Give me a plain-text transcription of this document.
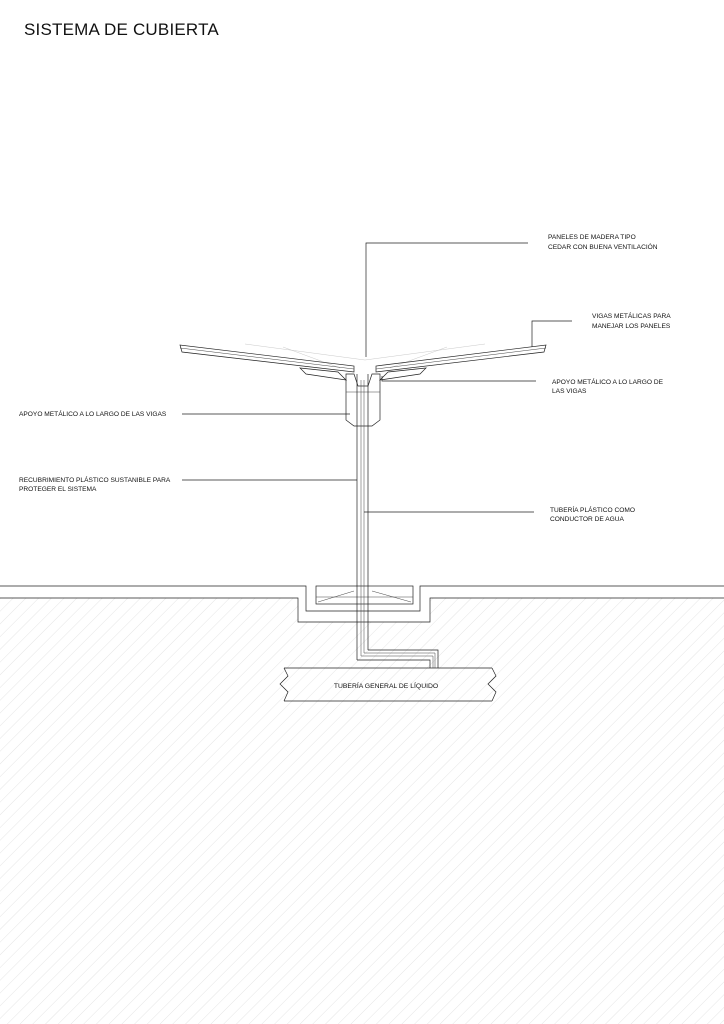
SISTEMA DE CUBIERTA
TUBERÍA GENERAL DE LÍQUIDO
PANELES DE MADERA TIPO
CEDAR CON BUENA VENTILACIÓN
VIGAS METÁLICAS PARA
MANEJAR LOS PANELES
APOYO METÁLICO A LO LARGO DE
LAS VIGAS
APOYO METÁLICO A LO LARGO DE LAS VIGAS
RECUBRIMIENTO PLÁSTICO SUSTANIBLE PARA
PROTEGER EL SISTEMA
TUBERÍA PLÁSTICO COMO
CONDUCTOR DE AGUA
